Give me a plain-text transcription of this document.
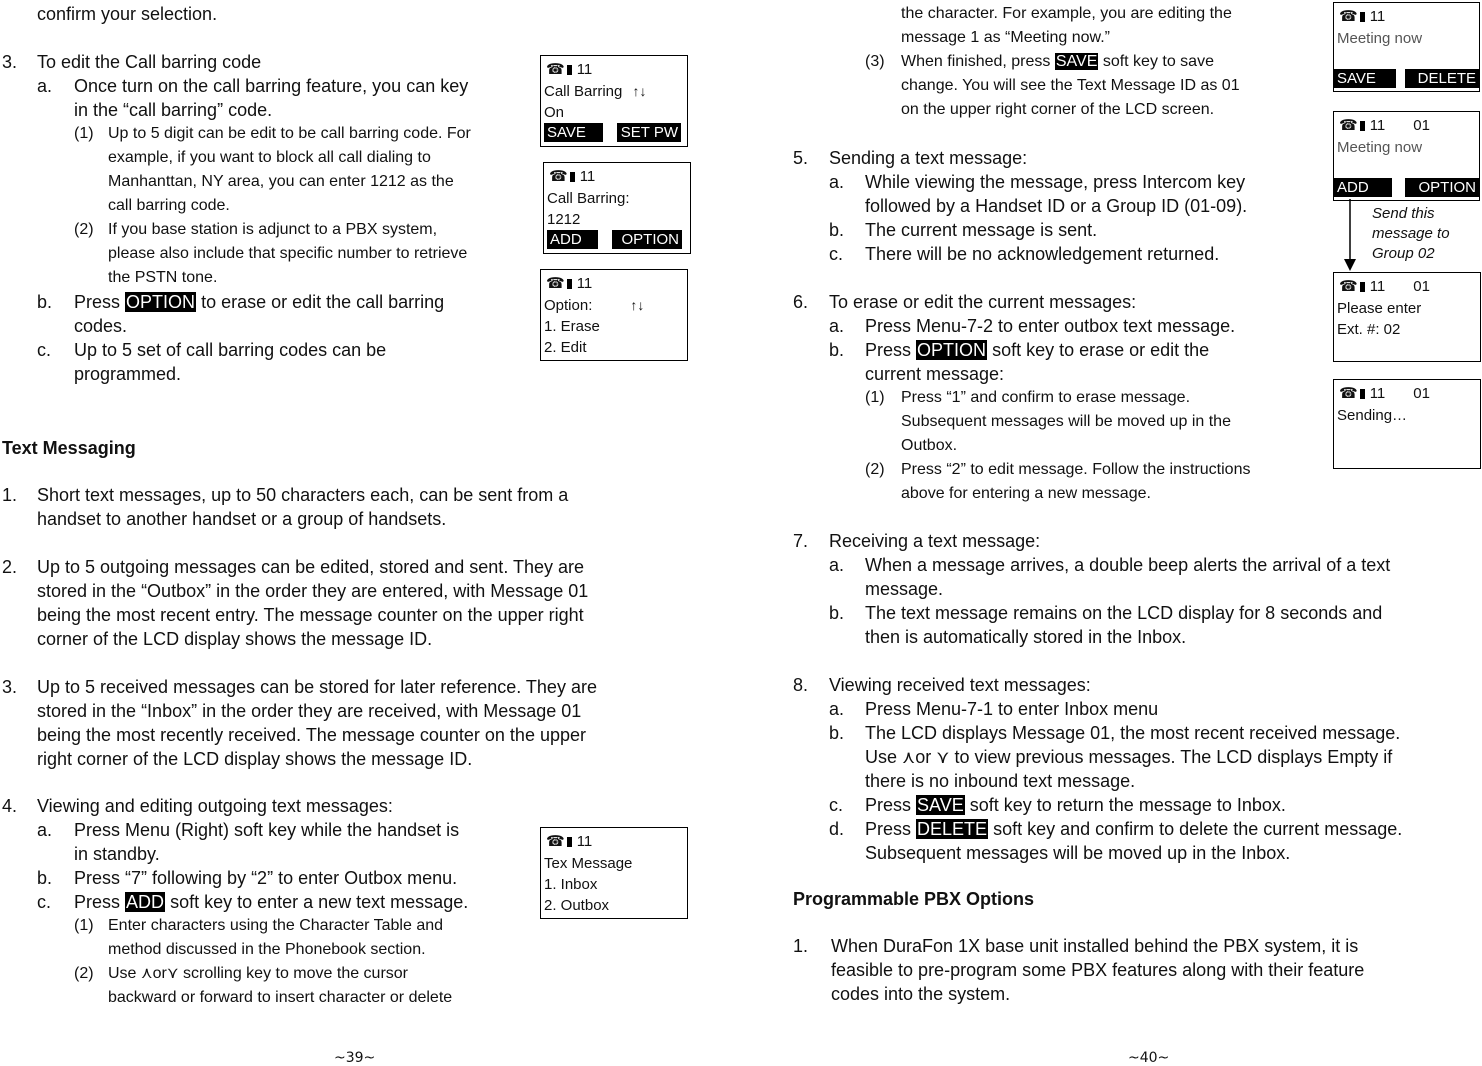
confirm your selection.
3. To edit the Call barring code
a. Once turn on the call barring feature, you can key
in the “call barring” code.
(1) Up to 5 digit can be edit to be call barring code. For
example, if you want to block all call dialing to
Manhanttan, NY area, you can enter 1212 as the
call barring code.
(2) If you base station is adjunct to a PBX system,
please also include that specific number to retrieve
the PSTN tone.
b. Press OPTION to erase or edit the call barring
codes.
c. Up to 5 set of call barring codes can be
programmed.
Text Messaging
1. Short text messages, up to 50 characters each, can be sent from a
handset to another handset or a group of handsets.
2. Up to 5 outgoing messages can be edited, stored and sent. They are
stored in the “Outbox” in the order they are entered, with Message 01
being the most recent entry. The message counter on the upper right
corner of the LCD display shows the message ID.
3. Up to 5 received messages can be stored for later reference. They are
stored in the “Inbox” in the order they are received, with Message 01
being the most recently received. The message counter on the upper
right corner of the LCD display shows the message ID.
4. Viewing and editing outgoing text messages:
a. Press Menu (Right) soft key while the handset is
in standby.
b. Press “7” following by “2” to enter Outbox menu.
c. Press ADD soft key to enter a new text message.
(1) Enter characters using the Character Table and
method discussed in the Phonebook section.
(2) Use ⋏or⋎ scrolling key to move the cursor
backward or forward to insert character or delete
~39~
☎ 11
Call Barring ↑↓
On
SAVE	SET PW
☎ 11
Call Barring:
1212
ADD	OPTION
☎ 11
Option:	↑↓
1. Erase
2. Edit
☎ 11
Tex Message
1. Inbox
2. Outbox
the character. For example, you are editing the
message 1 as “Meeting now.”
(3) When finished, press SAVE soft key to save
change. You will see the Text Message ID as 01
on the upper right corner of the LCD screen.
5. Sending a text message:
a. While viewing the message, press Intercom key
followed by a Handset ID or a Group ID (01-09).
b. The current message is sent.
c. There will be no acknowledgement returned.
6. To erase or edit the current messages:
a. Press Menu-7-2 to enter outbox text message.
b. Press OPTION soft key to erase or edit the
current message:
(1) Press “1” and confirm to erase message.
Subsequent messages will be moved up in the
Outbox.
(2) Press “2” to edit message. Follow the instructions
above for entering a new message.
7. Receiving a text message:
a. When a message arrives, a double beep alerts the arrival of a text
message.
b. The text message remains on the LCD display for 8 seconds and
then is automatically stored in the Inbox.
8. Viewing received text messages:
a. Press Menu-7-1 to enter Inbox menu
b. The LCD displays Message 01, the most recent received message.
Use ⋏or ⋎ to view previous messages. The LCD displays Empty if
there is no inbound text message.
c. Press SAVE soft key to return the message to Inbox.
d. Press DELETE soft key and confirm to delete the current message.
Subsequent messages will be moved up in the Inbox.
Programmable PBX Options
1. When DuraFon 1X base unit installed behind the PBX system, it is
feasible to pre-program some PBX features along with their feature
codes into the system.
~40~
☎ 11
Meeting now
SAVE	DELETE
☎ 11 01
Meeting now
ADD	OPTION
Send this
message to
Group 02
☎ 11 01
Please enter
Ext. #: 02
☎ 11 01
Sending…
